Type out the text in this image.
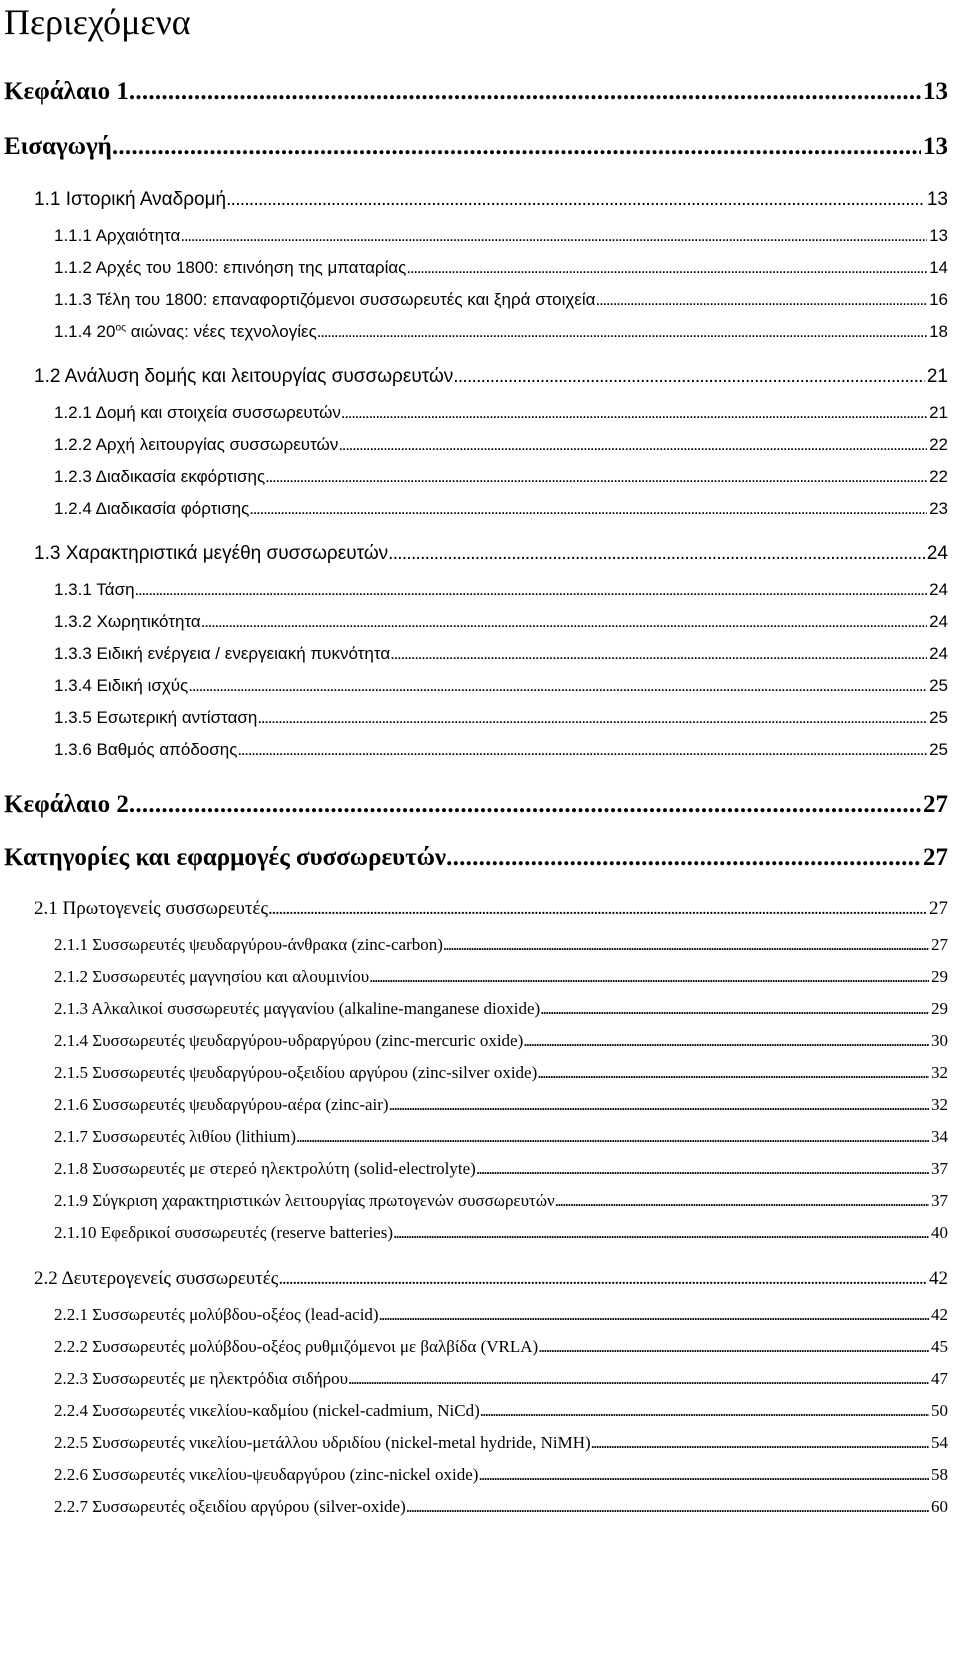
Περιεχόμενα
Κεφάλαιο 1 . . .	13
Εισαγωγή . . .	13
1.1 Ιστορική Αναδρομή . . .	13
1.1.1 Αρχαιότητα . . .	13
1.1.2 Αρχές του 1800: επινόηση της μπαταρίας . . .	14
1.1.3 Τέλη του 1800: επαναφορτιζόμενοι συσσωρευτές και ξηρά στοιχεία . . .	16
1.1.4 $20^{o\varsigma}$ αιώνας: νέες τεχνολογίες . . .	18
1.2 Ανάλυση δομής και λειτουργίας συσσωρευτών . . .	21
1.2.1 Δομή και στοιχεία συσσωρευτών . . .	21
1.2.2 Αρχή λειτουργίας συσσωρευτών . . .	22
1.2.3 Διαδικασία εκφόρτισης . . .	22
1.2.4 Διαδικασία φόρτισης . . .	23
1.3 Χαρακτηριστικά μεγέθη συσσωρευτών . . .	24
1.3.1 Τάση . . .	24
1.3.2 Χωρητικότητα . . .	24
1.3.3 Ειδική ενέργεια / ενεργειακή πυκνότητα . . .	24
1.3.4 Ειδική ισχύς . . .	25
1.3.5 Εσωτερική αντίσταση . . .	25
1.3.6 Βαθμός απόδοσης . . .	25
Κεφάλαιο 2 . . .	27
Κατηγορίες και εφαρμογές συσσωρευτών . . .	27
2.1 Πρωτογενείς συσσωρευτές . . .	27
2.1.1 Συσσωρευτές ψευδαργύρου-άνθρακα (zinc-carbon) . . .	27
2.1.2 Συσσωρευτές μαγνησίου και αλουμινίου . . .	29
2.1.3 Αλκαλικοί συσσωρευτές μαγγανίου (alkaline-manganese dioxide) . . .	29
2.1.4 Συσσωρευτές ψευδαργύρου-υδραργύρου (zinc-mercuric oxide) . . .	30
2.1.5 Συσσωρευτές ψευδαργύρου-οξειδίου αργύρου (zinc-silver oxide) . . .	32
2.1.6 Συσσωρευτές ψευδαργύρου-αέρα (zinc-air) . . .	32
2.1.7 Συσσωρευτές λιθίου (lithium) . . .	34
2.1.8 Συσσωρευτές με στερεό ηλεκτρολύτη (solid-electrolyte) . . .	37
2.1.9 Σύγκριση χαρακτηριστικών λειτουργίας πρωτογενών συσσωρευτών . . .	37
2.1.10 Εφεδρικοί συσσωρευτές (reserve batteries) . . .	40
2.2 Δευτερογενείς συσσωρευτές . . .	42
2.2.1 Συσσωρευτές μολύβδου-οξέος (lead-acid) . . .	42
2.2.2 Συσσωρευτές μολύβδου-οξέος ρυθμιζόμενοι με βαλβίδα (VRLA) . . .	45
2.2.3 Συσσωρευτές με ηλεκτρόδια σιδήρου . . .	47
2.2.4 Συσσωρευτές νικελίου-καδμίου (nickel-cadmium, NiCd) . . .	50
2.2.5 Συσσωρευτές νικελίου-μετάλλου υδριδίου (nickel-metal hydride, NiMH) . . .	54
2.2.6 Συσσωρευτές νικελίου-ψευδαργύρου (zinc-nickel oxide) . . .	58
2.2.7 Συσσωρευτές οξειδίου αργύρου (silver-oxide) . . .	60
